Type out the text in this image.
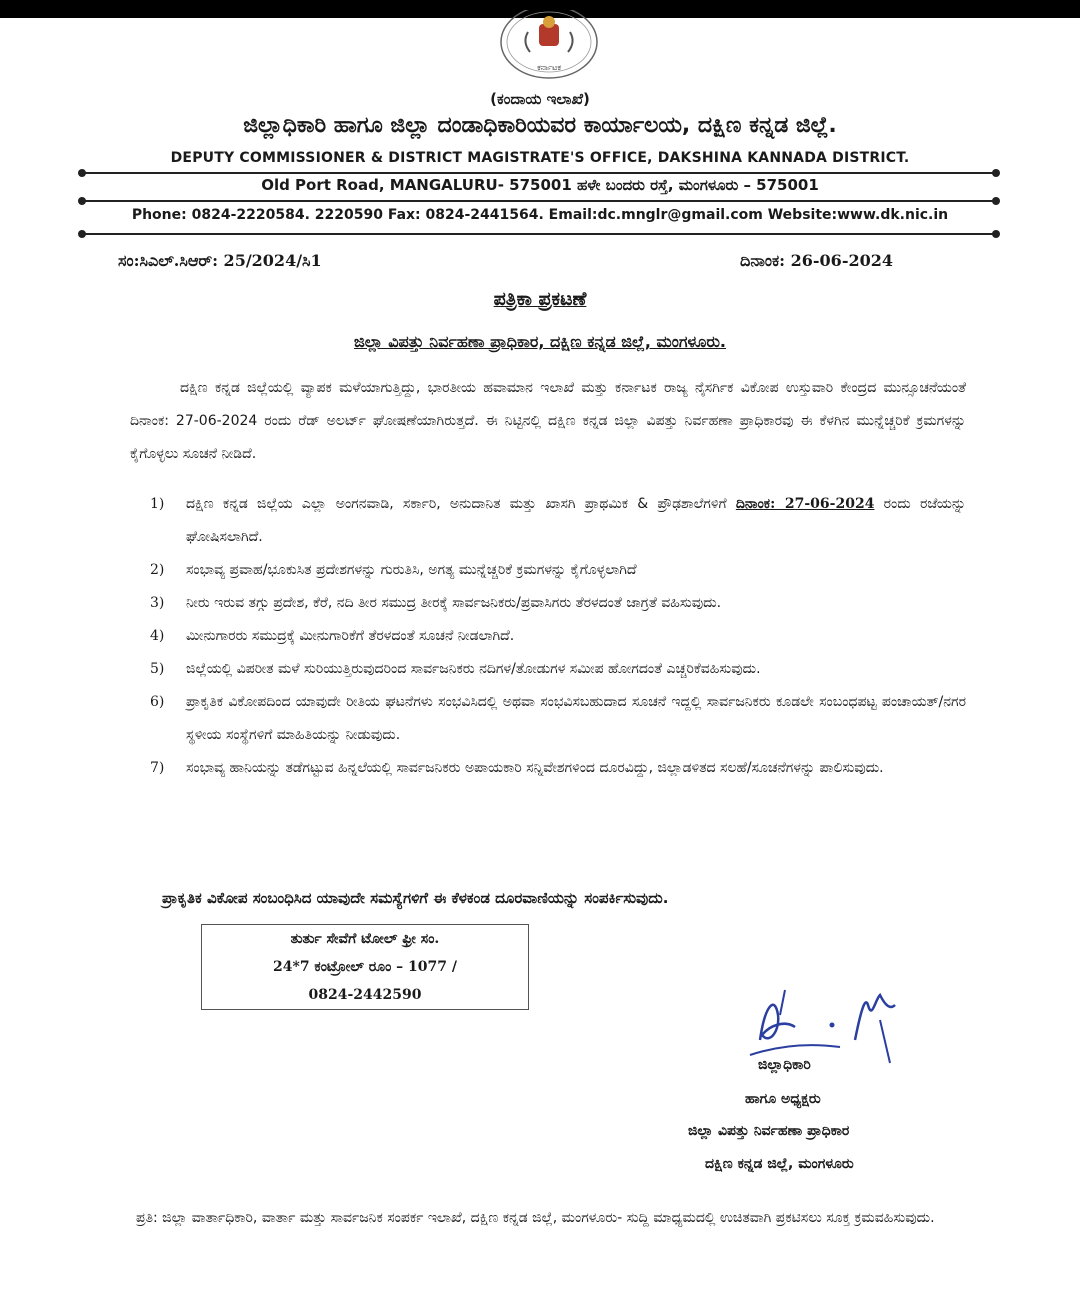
ಕರ್ನಾಟಕ
(ಕಂದಾಯ ಇಲಾಖೆ)
ಜಿಲ್ಲಾಧಿಕಾರಿ ಹಾಗೂ ಜಿಲ್ಲಾ ದಂಡಾಧಿಕಾರಿಯವರ ಕಾರ್ಯಾಲಯ, ದಕ್ಷಿಣ ಕನ್ನಡ ಜಿಲ್ಲೆ.
DEPUTY COMMISSIONER & DISTRICT MAGISTRATE'S OFFICE, DAKSHINA KANNADA DISTRICT.
Old Port Road, MANGALURU- 575001 ಹಳೇ ಬಂದರು ರಸ್ತೆ, ಮಂಗಳೂರು – 575001
Phone: 0824-2220584. 2220590 Fax: 0824-2441564. Email:dc.mnglr@gmail.com Website:www.dk.nic.in
ಸಂ:ಸಿಎಲ್.ಸಿಆರ್: 25/2024/ಸಿ1	ದಿನಾಂಕ: 26-06-2024
ಪತ್ರಿಕಾ ಪ್ರಕಟಣೆ
ಜಿಲ್ಲಾ ವಿಪತ್ತು ನಿರ್ವಹಣಾ ಪ್ರಾಧಿಕಾರ, ದಕ್ಷಿಣ ಕನ್ನಡ ಜಿಲ್ಲೆ, ಮಂಗಳೂರು.
ದಕ್ಷಿಣ ಕನ್ನಡ ಜಿಲ್ಲೆಯಲ್ಲಿ ವ್ಯಾಪಕ ಮಳೆಯಾಗುತ್ತಿದ್ದು, ಭಾರತೀಯ ಹವಾಮಾನ ಇಲಾಖೆ ಮತ್ತು ಕರ್ನಾಟಕ ರಾಜ್ಯ ನೈಸರ್ಗಿಕ ವಿಕೋಪ ಉಸ್ತುವಾರಿ ಕೇಂದ್ರದ ಮುನ್ಸೂಚನೆಯಂತೆ ದಿನಾಂಕ: 27-06-2024 ರಂದು ರೆಡ್ ಅಲರ್ಟ್ ಘೋಷಣೆಯಾಗಿರುತ್ತದೆ. ಈ ನಿಟ್ಟಿನಲ್ಲಿ ದಕ್ಷಿಣ ಕನ್ನಡ ಜಿಲ್ಲಾ ವಿಪತ್ತು ನಿರ್ವಹಣಾ ಪ್ರಾಧಿಕಾರವು ಈ ಕೆಳಗಿನ ಮುನ್ನೆಚ್ಚರಿಕೆ ಕ್ರಮಗಳನ್ನು ಕೈಗೊಳ್ಳಲು ಸೂಚನೆ ನೀಡಿದೆ.
1)	ದಕ್ಷಿಣ ಕನ್ನಡ ಜಿಲ್ಲೆಯ ಎಲ್ಲಾ ಅಂಗನವಾಡಿ, ಸರ್ಕಾರಿ, ಅನುದಾನಿತ ಮತ್ತು ಖಾಸಗಿ ಪ್ರಾಥಮಿಕ & ಪ್ರೌಢಶಾಲೆಗಳಿಗೆ ದಿನಾಂಕ: 27-06-2024 ರಂದು ರಜೆಯನ್ನು ಘೋಷಿಸಲಾಗಿದೆ.
2)	ಸಂಭಾವ್ಯ ಪ್ರವಾಹ/ಭೂಕುಸಿತ ಪ್ರದೇಶಗಳನ್ನು ಗುರುತಿಸಿ, ಅಗತ್ಯ ಮುನ್ನೆಚ್ಚರಿಕೆ ಕ್ರಮಗಳನ್ನು ಕೈಗೊಳ್ಳಲಾಗಿದೆ
3)	ನೀರು ಇರುವ ತಗ್ಗು ಪ್ರದೇಶ, ಕೆರೆ, ನದಿ ತೀರ ಸಮುದ್ರ ತೀರಕ್ಕೆ ಸಾರ್ವಜನಿಕರು/ಪ್ರವಾಸಿಗರು ತೆರಳದಂತೆ ಜಾಗ್ರತೆ ವಹಿಸುವುದು.
4)	ಮೀನುಗಾರರು ಸಮುದ್ರಕ್ಕೆ ಮೀನುಗಾರಿಕೆಗೆ ತೆರಳದಂತೆ ಸೂಚನೆ ನೀಡಲಾಗಿದೆ.
5)	ಜಿಲ್ಲೆಯಲ್ಲಿ ವಿಪರೀತ ಮಳೆ ಸುರಿಯುತ್ತಿರುವುದರಿಂದ ಸಾರ್ವಜನಿಕರು ನದಿಗಳ/ತೋಡುಗಳ ಸಮೀಪ ಹೋಗದಂತೆ ಎಚ್ಚರಿಕೆವಹಿಸುವುದು.
6)	ಪ್ರಾಕೃತಿಕ ವಿಕೋಪದಿಂದ ಯಾವುದೇ ರೀತಿಯ ಘಟನೆಗಳು ಸಂಭವಿಸಿದಲ್ಲಿ ಅಥವಾ ಸಂಭವಿಸಬಹುದಾದ ಸೂಚನೆ ಇದ್ದಲ್ಲಿ ಸಾರ್ವಜನಿಕರು ಕೂಡಲೇ ಸಂಬಂಧಪಟ್ಟ ಪಂಚಾಯತ್/ನಗರ ಸ್ಥಳೀಯ ಸಂಸ್ಥೆಗಳಿಗೆ ಮಾಹಿತಿಯನ್ನು ನೀಡುವುದು.
7)	ಸಂಭಾವ್ಯ ಹಾನಿಯನ್ನು ತಡೆಗಟ್ಟುವ ಹಿನ್ನಲೆಯಲ್ಲಿ ಸಾರ್ವಜನಿಕರು ಅಪಾಯಕಾರಿ ಸನ್ನಿವೇಶಗಳಿಂದ ದೂರವಿದ್ದು, ಜಿಲ್ಲಾಡಳಿತದ ಸಲಹೆ/ಸೂಚನೆಗಳನ್ನು ಪಾಲಿಸುವುದು.
ಪ್ರಾಕೃತಿಕ ವಿಕೋಪ ಸಂಬಂಧಿಸಿದ ಯಾವುದೇ ಸಮಸ್ಯೆಗಳಿಗೆ ಈ ಕೆಳಕಂಡ ದೂರವಾಣಿಯನ್ನು ಸಂಪರ್ಕಿಸುವುದು.
ತುರ್ತು ಸೇವೆಗೆ ಟೋಲ್ ಫ್ರೀ ಸಂ.
24*7 ಕಂಟ್ರೋಲ್ ರೂಂ – 1077 /
0824-2442590
ಜಿಲ್ಲಾಧಿಕಾರಿ
ಹಾಗೂ ಅಧ್ಯಕ್ಷರು
ಜಿಲ್ಲಾ ವಿಪತ್ತು ನಿರ್ವಹಣಾ ಪ್ರಾಧಿಕಾರ
ದಕ್ಷಿಣ ಕನ್ನಡ ಜಿಲ್ಲೆ, ಮಂಗಳೂರು
ಪ್ರತಿ: ಜಿಲ್ಲಾ ವಾರ್ತಾಧಿಕಾರಿ, ವಾರ್ತಾ ಮತ್ತು ಸಾರ್ವಜನಿಕ ಸಂಪರ್ಕ ಇಲಾಖೆ, ದಕ್ಷಿಣ ಕನ್ನಡ ಜಿಲ್ಲೆ, ಮಂಗಳೂರು- ಸುದ್ದಿ ಮಾಧ್ಯಮದಲ್ಲಿ ಉಚಿತವಾಗಿ ಪ್ರಕಟಿಸಲು ಸೂಕ್ತ ಕ್ರಮವಹಿಸುವುದು.
